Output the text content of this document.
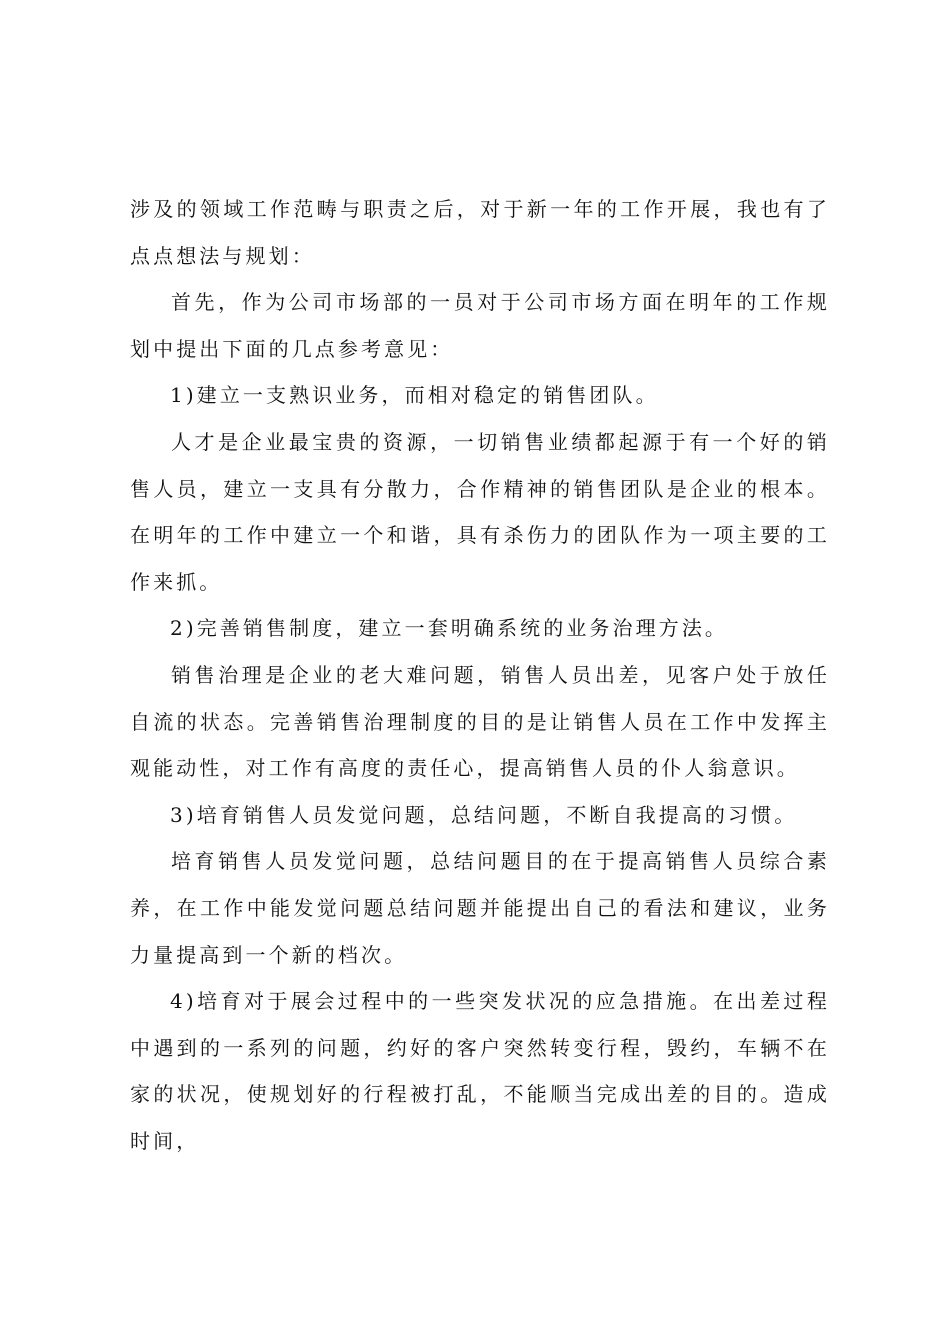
涉及的领域工作范畴与职责之后，对于新一年的工作开展，我也有了点点想法与规划：

首先，作为公司市场部的一员对于公司市场方面在明年的工作规划中提出下面的几点参考意见：

1)建立一支熟识业务，而相对稳定的销售团队。

人才是企业最宝贵的资源，一切销售业绩都起源于有一个好的销售人员，建立一支具有分散力，合作精神的销售团队是企业的根本。在明年的工作中建立一个和谐，具有杀伤力的团队作为一项主要的工作来抓。

2)完善销售制度，建立一套明确系统的业务治理方法。

销售治理是企业的老大难问题，销售人员出差，见客户处于放任自流的状态。完善销售治理制度的目的是让销售人员在工作中发挥主观能动性，对工作有高度的责任心，提高销售人员的仆人翁意识。

3)培育销售人员发觉问题，总结问题，不断自我提高的习惯。

培育销售人员发觉问题，总结问题目的在于提高销售人员综合素养，在工作中能发觉问题总结问题并能提出自己的看法和建议，业务力量提高到一个新的档次。

4)培育对于展会过程中的一些突发状况的应急措施。在出差过程中遇到的一系列的问题，约好的客户突然转变行程，毁约，车辆不在家的状况，使规划好的行程被打乱，不能顺当完成出差的目的。造成时间，
